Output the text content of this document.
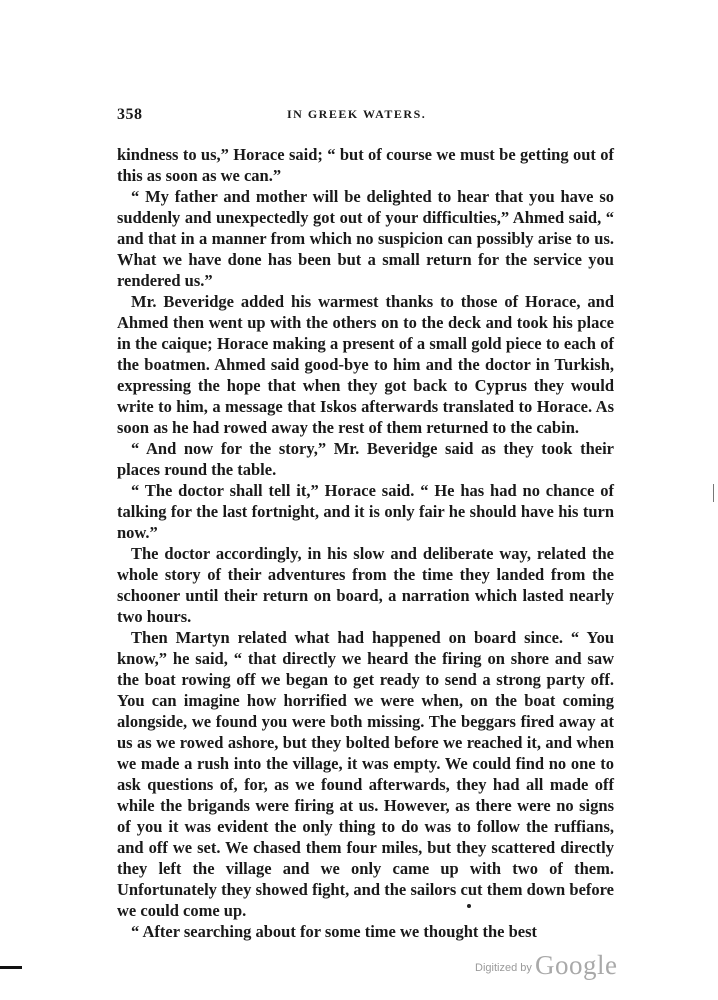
358	IN GREEK WATERS.

kindness to us,” Horace said; “ but of course we must be getting out of this as soon as we can.”

“ My father and mother will be delighted to hear that you have so suddenly and unexpectedly got out of your difficulties,” Ahmed said, “ and that in a manner from which no suspicion can possibly arise to us. What we have done has been but a small return for the service you rendered us.”

Mr. Beveridge added his warmest thanks to those of Horace, and Ahmed then went up with the others on to the deck and took his place in the caique; Horace making a present of a small gold piece to each of the boatmen. Ahmed said good-bye to him and the doctor in Turkish, expressing the hope that when they got back to Cyprus they would write to him, a message that Iskos afterwards translated to Horace. As soon as he had rowed away the rest of them returned to the cabin.

“ And now for the story,” Mr. Beveridge said as they took their places round the table.

“ The doctor shall tell it,” Horace said. “ He has had no chance of talking for the last fortnight, and it is only fair he should have his turn now.”

The doctor accordingly, in his slow and deliberate way, related the whole story of their adventures from the time they landed from the schooner until their return on board, a narration which lasted nearly two hours.

Then Martyn related what had happened on board since. “ You know,” he said, “ that directly we heard the firing on shore and saw the boat rowing off we began to get ready to send a strong party off. You can imagine how horrified we were when, on the boat coming alongside, we found you were both missing. The beggars fired away at us as we rowed ashore, but they bolted before we reached it, and when we made a rush into the village, it was empty. We could find no one to ask questions of, for, as we found afterwards, they had all made off while the brigands were firing at us. However, as there were no signs of you it was evident the only thing to do was to follow the ruffians, and off we set. We chased them four miles, but they scattered directly they left the village and we only came up with two of them. Unfortunately they showed fight, and the sailors cut them down before we could come up.

“ After searching about for some time we thought the best

Digitized by Google
